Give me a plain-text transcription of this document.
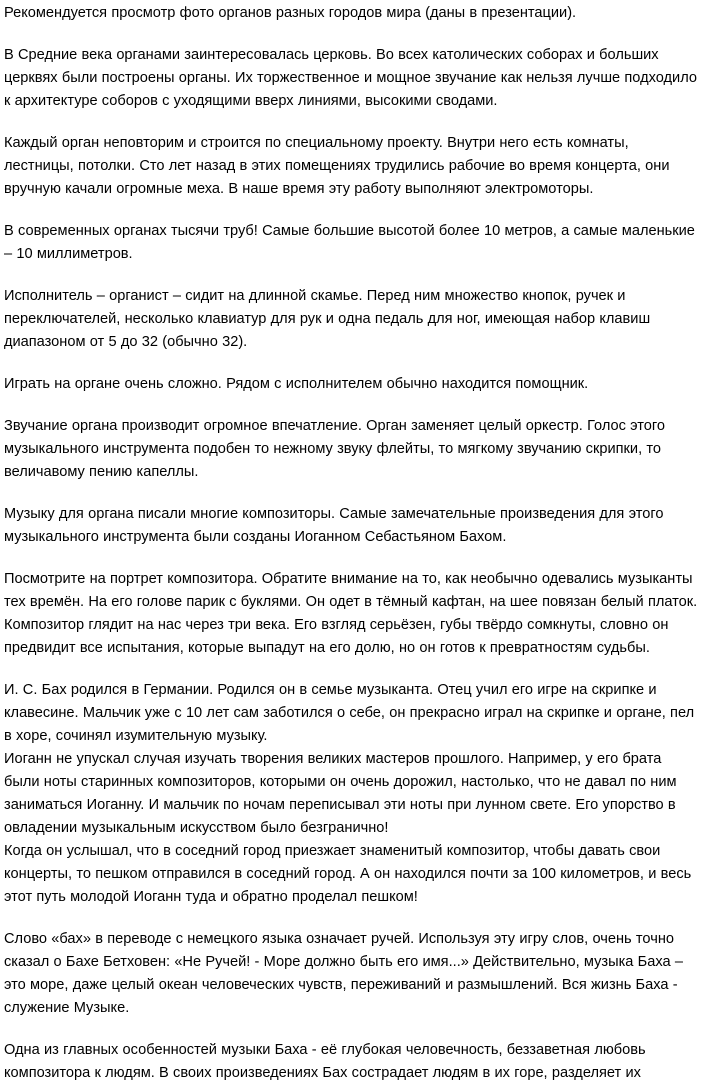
Рекомендуется просмотр фото органов разных городов мира (даны в презентации).

В Средние века органами заинтересовалась церковь. Во всех католических соборах и больших церквях были построены органы. Их торжественное и мощное звучание как нельзя лучше подходило к архитектуре соборов с уходящими вверх линиями, высокими сводами.

Каждый орган неповторим и строится по специальному проекту. Внутри него есть комнаты, лестницы, потолки. Сто лет назад в этих помещениях трудились рабочие во время концерта, они вручную качали огромные меха. В наше время эту работу выполняют электромоторы.

В современных органах тысячи труб! Самые большие высотой более 10 метров, а самые маленькие – 10 миллиметров.

Исполнитель – органист – сидит на длинной скамье. Перед ним множество кнопок, ручек и переключателей, несколько клавиатур для рук и одна педаль для ног, имеющая набор клавиш диапазоном от 5 до 32 (обычно 32).

Играть на органе очень сложно. Рядом с исполнителем обычно находится помощник.

Звучание органа производит огромное впечатление. Орган заменяет целый оркестр. Голос этого музыкального инструмента подобен то нежному звуку флейты, то мягкому звучанию скрипки, то величавому пению капеллы.

Музыку для органа писали многие композиторы. Самые замечательные произведения для этого музыкального инструмента были созданы Иоганном Себастьяном Бахом.

Посмотрите на портрет композитора. Обратите внимание на то, как необычно одевались музыканты тех времён. На его голове парик с буклями. Он одет в тёмный кафтан, на шее повязан белый платок. Композитор глядит на нас через три века. Его взгляд серьёзен, губы твёрдо сомкнуты, словно он предвидит все испытания, которые выпадут на его долю, но он готов к превратностям судьбы.

И. С. Бах родился в Германии. Родился он в семье музыканта. Отец учил его игре на скрипке и клавесине. Мальчик уже с 10 лет сам заботился о себе, он прекрасно играл на скрипке и органе, пел в хоре, сочинял изумительную музыку.

Иоганн не упускал случая изучать творения великих мастеров прошлого. Например, у его брата были ноты старинных композиторов, которыми он очень дорожил, настолько, что не давал по ним заниматься Иоганну. И мальчик по ночам переписывал эти ноты при лунном свете. Его упорство в овладении музыкальным искусством было безгранично!

Когда он услышал, что в соседний город приезжает знаменитый композитор, чтобы давать свои концерты, то пешком отправился в соседний город. А он находился почти за 100 километров, и весь этот путь молодой Иоганн туда и обратно проделал пешком!

Слово «бах» в переводе с немецкого языка означает ручей. Используя эту игру слов, очень точно сказал о Бахе Бетховен: «Не Ручей! - Море должно быть его имя...» Действительно, музыка Баха – это море, даже целый океан человеческих чувств, переживаний и размышлений. Вся жизнь Баха - служение Музыке.

Одна из главных особенностей музыки Баха - её глубокая человечность, беззаветная любовь композитора к людям. В своих произведениях Бах сострадает людям в их горе, разделяет их
